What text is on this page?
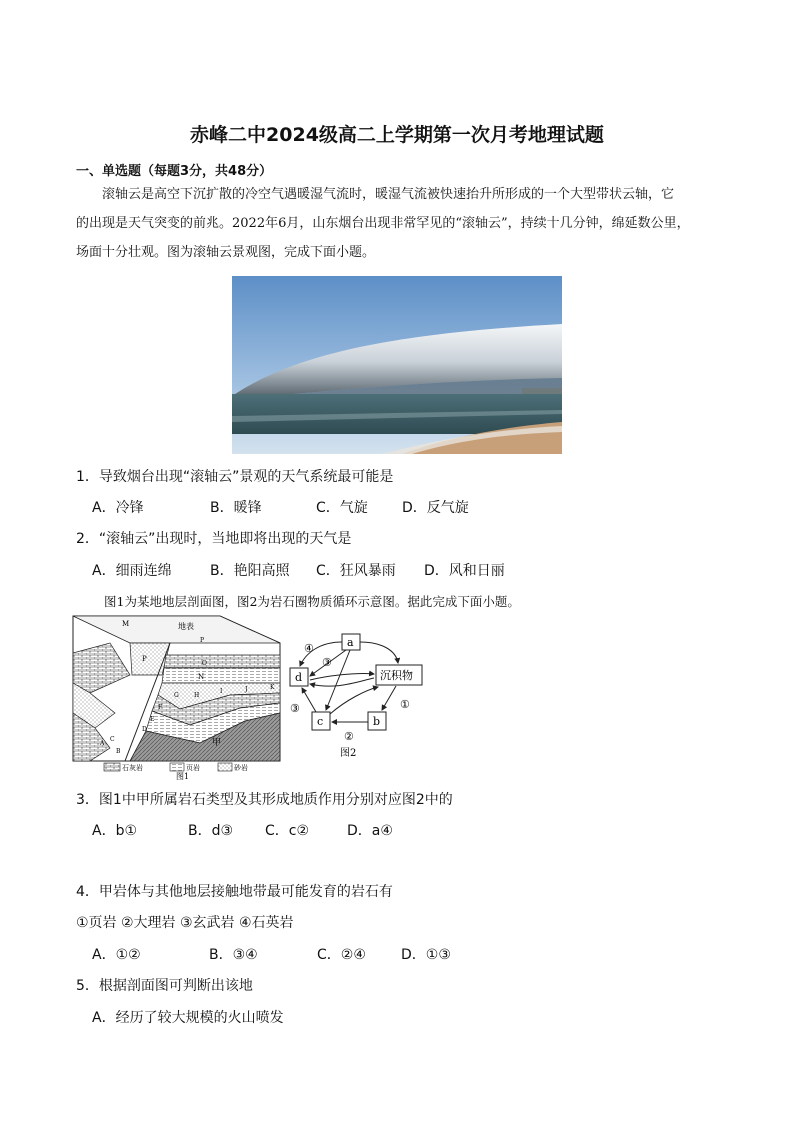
赤峰二中2024级高二上学期第一次月考地理试题
一、单选题（每题3分，共48分）
滚轴云是高空下沉扩散的冷空气遇暖湿气流时，暖湿气流被快速抬升所形成的一个大型带状云轴，它
的出现是天气突变的前兆。2022年6月，山东烟台出现非常罕见的“滚轴云”，持续十几分钟，绵延数公里，
场面十分壮观。图为滚轴云景观图，完成下面小题。
1．导致烟台出现“滚轴云”景观的天气系统最可能是
A．冷锋	B．暖锋	C．气旋 D．反气旋
2．“滚轴云”出现时，当地即将出现的天气是
A．细雨连绵	B．艳阳高照 C．狂风暴雨 D．风和日丽
图1为某地地层剖面图，图2为岩石圈物质循环示意图。据此完成下面小题。
M	地表
P
P
O
N
H
G
I	J	K
F
E
D
C
B
A	甲
石灰岩	页岩	砂岩
图1
a
d	沉积物
c	b
④
③
③
②
①
图2
3．图1中甲所属岩石类型及其形成地质作用分别对应图2中的
A．b①	B．d③ C．c②	D．a④
4．甲岩体与其他地层接触地带最可能发育的岩石有
①页岩 ②大理岩 ③玄武岩 ④石英岩
A．①②	B．③④	C．②④	D．①③
5．根据剖面图可判断出该地
A．经历了较大规模的火山喷发
